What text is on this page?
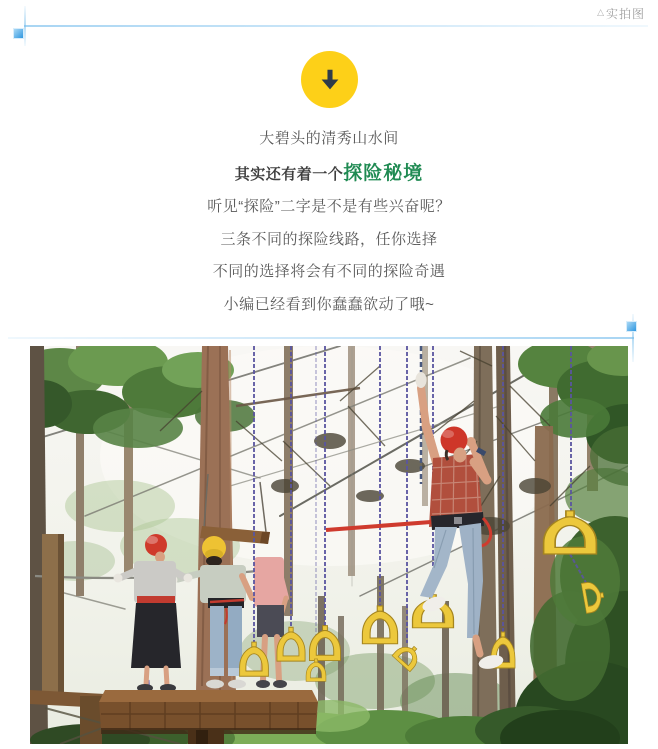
△ 实拍图

大碧头的清秀山水间

其实还有着一个探险秘境

听见“探险”二字是不是有些兴奋呢？

三条不同的探险线路，任你选择

不同的选择将会有不同的探险奇遇

小编已经看到你蠢蠢欲动了哦~
